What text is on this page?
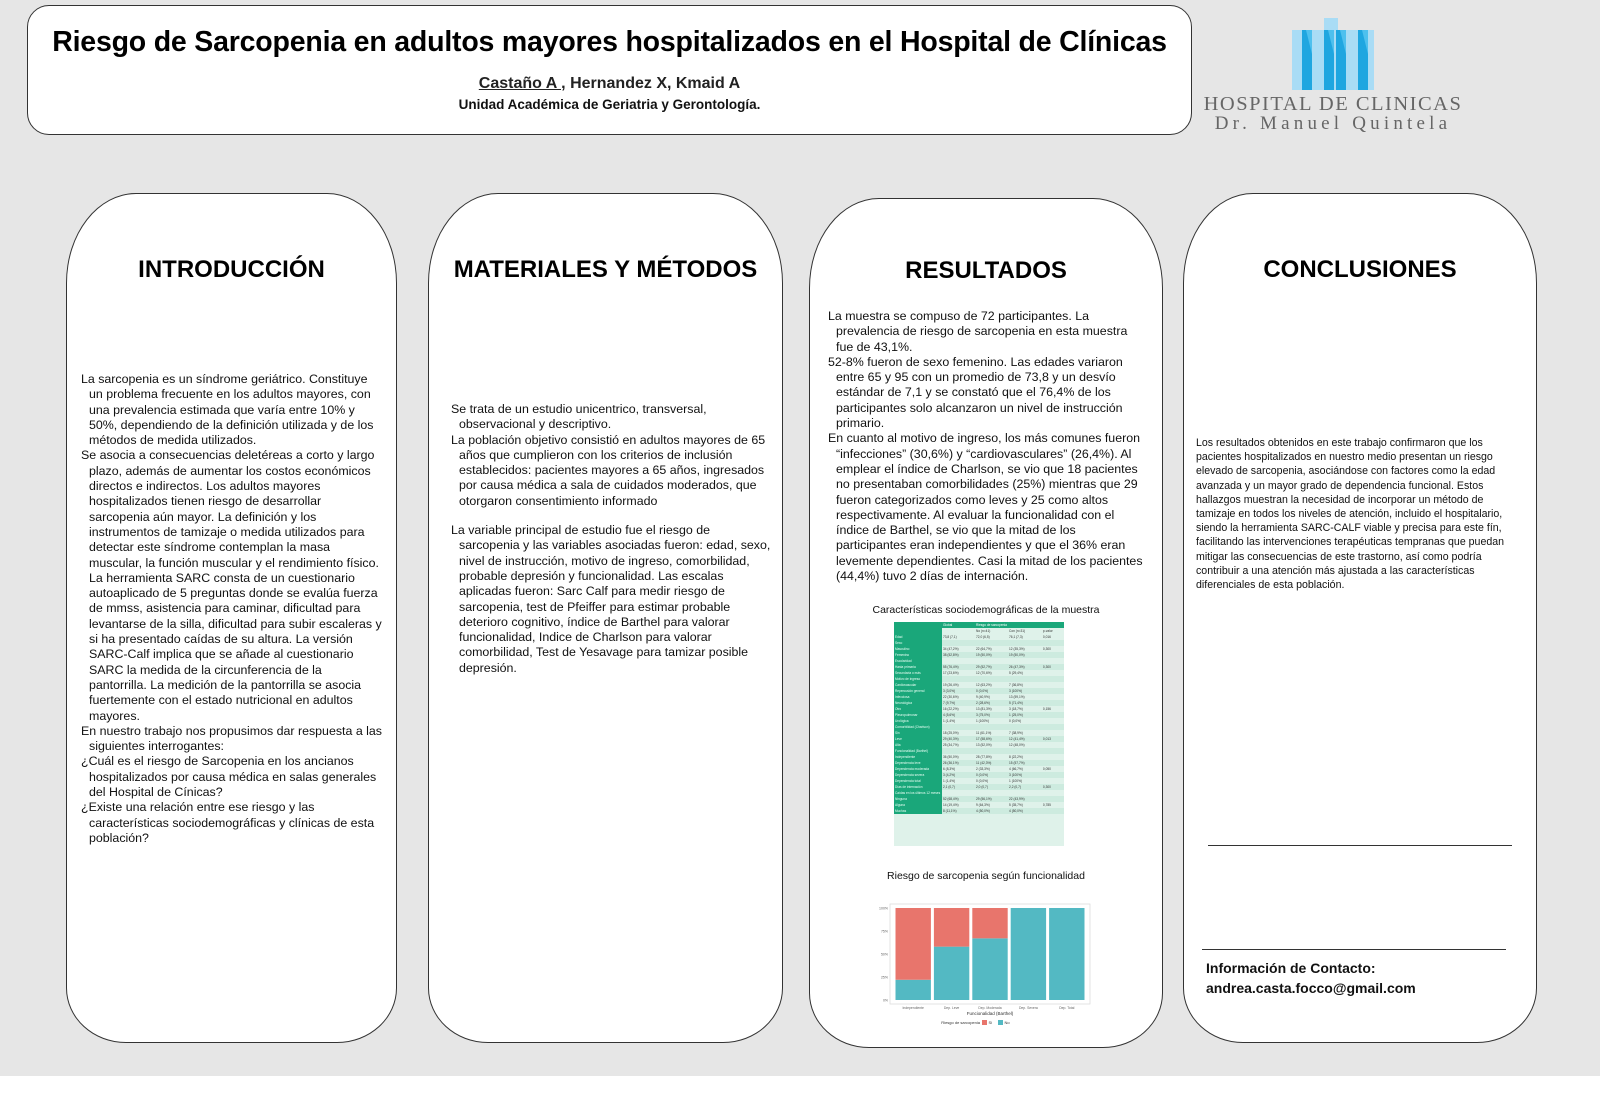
Riesgo de Sarcopenia en adultos mayores hospitalizados en el Hospital de Clínicas
Castaño A , Hernandez X, Kmaid A
Unidad Académica de Geriatria y Gerontología.	HOSPITAL DE CLINICAS
Dr. Manuel Quintela
INTRODUCCIÓN

La sarcopenia es un síndrome geriátrico. Constituye un problema frecuente en los adultos mayores, con una prevalencia estimada que varía entre 10% y 50%, dependiendo de la definición utilizada y de los métodos de medida utilizados.

Se asocia a consecuencias deletéreas a corto y largo plazo, además de aumentar los costos económicos directos e indirectos. Los adultos mayores hospitalizados tienen riesgo de desarrollar sarcopenia aún mayor. La definición y los instrumentos de tamizaje o medida utilizados para detectar este síndrome contemplan la masa muscular, la función muscular y el rendimiento físico. La herramienta SARC consta de un cuestionario autoaplicado de 5 preguntas donde se evalúa fuerza de mmss, asistencia para caminar, dificultad para levantarse de la silla, dificultad para subir escaleras y si ha presentado caídas de su altura. La versión SARC-Calf implica que se añade al cuestionario SARC la medida de la circunferencia de la pantorrilla. La medición de la pantorrilla se asocia fuertemente con el estado nutricional en adultos mayores.

En nuestro trabajo nos propusimos dar respuesta a las siguientes interrogantes:

¿Cuál es el riesgo de Sarcopenia en los ancianos hospitalizados por causa médica en salas generales del Hospital de Cínicas?

¿Existe una relación entre ese riesgo y las características sociodemográficas y clínicas de esta población?

MATERIALES Y MÉTODOS

Se trata de un estudio unicentrico, transversal, observacional y descriptivo.

La población objetivo consistió en adultos mayores de 65 años que cumplieron con los criterios de inclusión establecidos: pacientes mayores a 65 años, ingresados por causa médica a sala de cuidados moderados, que otorgaron consentimiento informado

La variable principal de estudio fue el riesgo de sarcopenia y las variables asociadas fueron: edad, sexo, nivel de instrucción, motivo de ingreso, comorbilidad, probable depresión y funcionalidad. Las escalas aplicadas fueron: Sarc Calf para medir riesgo de sarcopenia, test de Pfeiffer para estimar probable deterioro cognitivo, índice de Barthel para valorar funcionalidad, Indice de Charlson para valorar comorbilidad, Test de Yesavage para tamizar posible depresión.

RESULTADOS

La muestra se compuso de 72 participantes. La prevalencia de riesgo de sarcopenia en esta muestra fue de 43,1%.

52-8% fueron de sexo femenino. Las edades variaron entre 65 y 95 con un promedio de 73,8 y un desvío estándar de 7,1 y se constató que el 76,4% de los participantes solo alcanzaron un nivel de instrucción primario.

En cuanto al motivo de ingreso, los más comunes fueron “infecciones” (30,6%) y “cardiovasculares” (26,4%). Al emplear el índice de Charlson, se vio que 18 pacientes no presentaban comorbilidades (25%) mientras que 29 fueron categorizados como leves y 25 como altos respectivamente. Al evaluar la funcionalidad con el índice de Barthel, se vio que la mitad de los participantes eran independientes y que el 36% eran levemente dependientes. Casi la mitad de los pacientes (44,4%) tuvo 2 días de internación.

Características sociodemográficas de la muestra
	Global	Riesgo de sarcopenia		
		No (n=41)	Con (n=31)	p-valor
Edad	73,8 (7,1)	72,0 (6,5)	76,1 (7,3)	0,016
Sexo				
Masculino	34 (47,2%)	22 (64,7%)	12 (35,3%)	0,300
Femenino	38 (52,8%)	19 (50,0%)	19 (50,0%)	
Escolaridad				
Hasta primaria	55 (76,4%)	29 (52,7%)	26 (47,3%)	0,300
Secundaria o más	17 (23,6%)	12 (70,6%)	5 (29,4%)	
Motivo de ingreso				
Cardiovascular	19 (26,4%)	12 (63,2%)	7 (36,8%)	
Repercusión general	3 (3,0%)	0 (0,0%)	3 (100%)	
Infecciosa	22 (30,6%)	9 (40,9%)	13 (59,1%)	
Neurológica	7 (9,7%)	2 (28,6%)	5 (71,4%)	
Otro	16 (22,2%)	13 (81,3%)	3 (18,7%)	0,156
Pleuropulmonar	4 (5,6%)	3 (75,0%)	1 (25,0%)	
Urológica	1 (1,4%)	1 (100%)	0 (0,0%)	
Comorbilidad (Charlson)				
Sin	18 (25,0%)	11 (61,1%)	7 (38,9%)	
Leve	29 (40,3%)	17 (58,6%)	12 (41,4%)	0,013
Alta	25 (34,7%)	13 (52,0%)	12 (48,0%)	
Funcionalidad (Barthel)				
Independiente	36 (50,0%)	28 (77,8%)	8 (22,2%)	
Dependencia leve	26 (36,1%)	11 (42,3%)	15 (57,7%)	
Dependencia moderada	6 (8,3%)	2 (33,3%)	4 (66,7%)	0,050
Dependencia severa	3 (4,2%)	0 (0,0%)	3 (100%)	
Dependencia total	1 (1,4%)	0 (0,0%)	1 (100%)	
Días de internación	2,1 (0,7)	2,0 (0,7)	2,2 (0,7)	0,300
Caídas en los últimos 12 meses				
Ninguna	52 (68,4%)	29 (56,1%)	22 (43,9%)	
Alguna	14 (19,4%)	9 (64,3%)	5 (35,7%)	0,785
Muchas	8 (11,1%)	4 (50,0%)	4 (50,0%)	
Riesgo de sarcopenia según funcionalidad
0%
25%
50%
75%
100%
Independiente	Dep. Leve	Dep. Moderada	Dep. Severa	Dep. Total
Funcionalidad (Barthel)
Riesgo de sarcopenia Si	No
CONCLUSIONES

Los resultados obtenidos en este trabajo confirmaron que los pacientes hospitalizados en nuestro medio presentan un riesgo elevado de sarcopenia, asociándose con factores como la edad avanzada y un mayor grado de dependencia funcional. Estos hallazgos muestran la necesidad de incorporar un método de tamizaje en todos los niveles de atención, incluido el hospitalario, siendo la herramienta SARC-CALF viable y precisa para este fín, facilitando las intervenciones terapéuticas tempranas que puedan mitigar las consecuencias de este trastorno, así como podría contribuir a una atención más ajustada a las características diferenciales de esta población.

Información de Contacto:
andrea.casta.focco@gmail.com
